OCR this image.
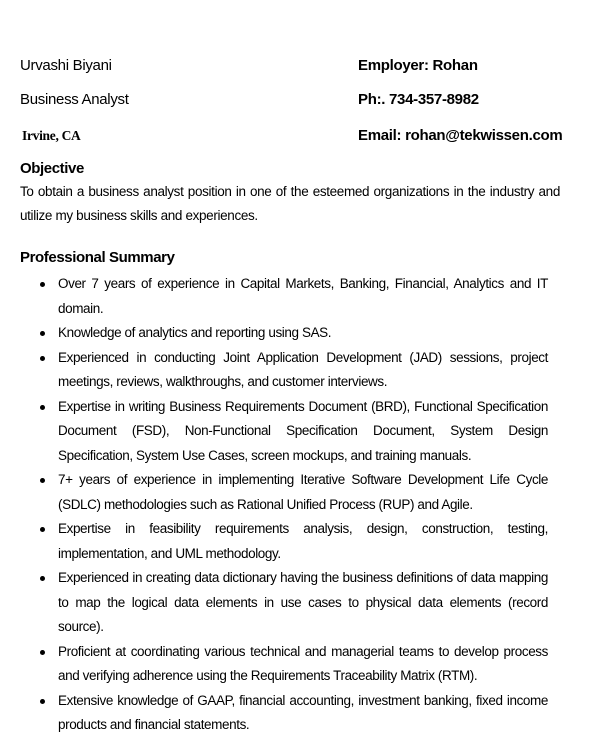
Urvashi Biyani
Business Analyst
Irvine, CA
Employer: Rohan
Ph:. 734-357-8982
Email: rohan@tekwissen.com
Objective
To obtain a business analyst position in one of the esteemed organizations in the industry and utilize my business skills and experiences.
Professional Summary
Over 7 years of experience in Capital Markets, Banking, Financial, Analytics and IT domain.
Knowledge of analytics and reporting using SAS.
Experienced in conducting Joint Application Development (JAD) sessions, project meetings, reviews, walkthroughs, and customer interviews.
Expertise in writing Business Requirements Document (BRD), Functional Specification Document (FSD), Non-Functional Specification Document, System Design Specification, System Use Cases, screen mockups, and training manuals.
7+ years of experience in implementing Iterative Software Development Life Cycle (SDLC) methodologies such as Rational Unified Process (RUP) and Agile.
Expertise in feasibility requirements analysis, design, construction, testing, implementation, and UML methodology.
Experienced in creating data dictionary having the business definitions of data mapping to map the logical data elements in use cases to physical data elements (record source).
Proficient at coordinating various technical and managerial teams to develop process and verifying adherence using the Requirements Traceability Matrix (RTM).
Extensive knowledge of GAAP, financial accounting, investment banking, fixed income products and financial statements.
